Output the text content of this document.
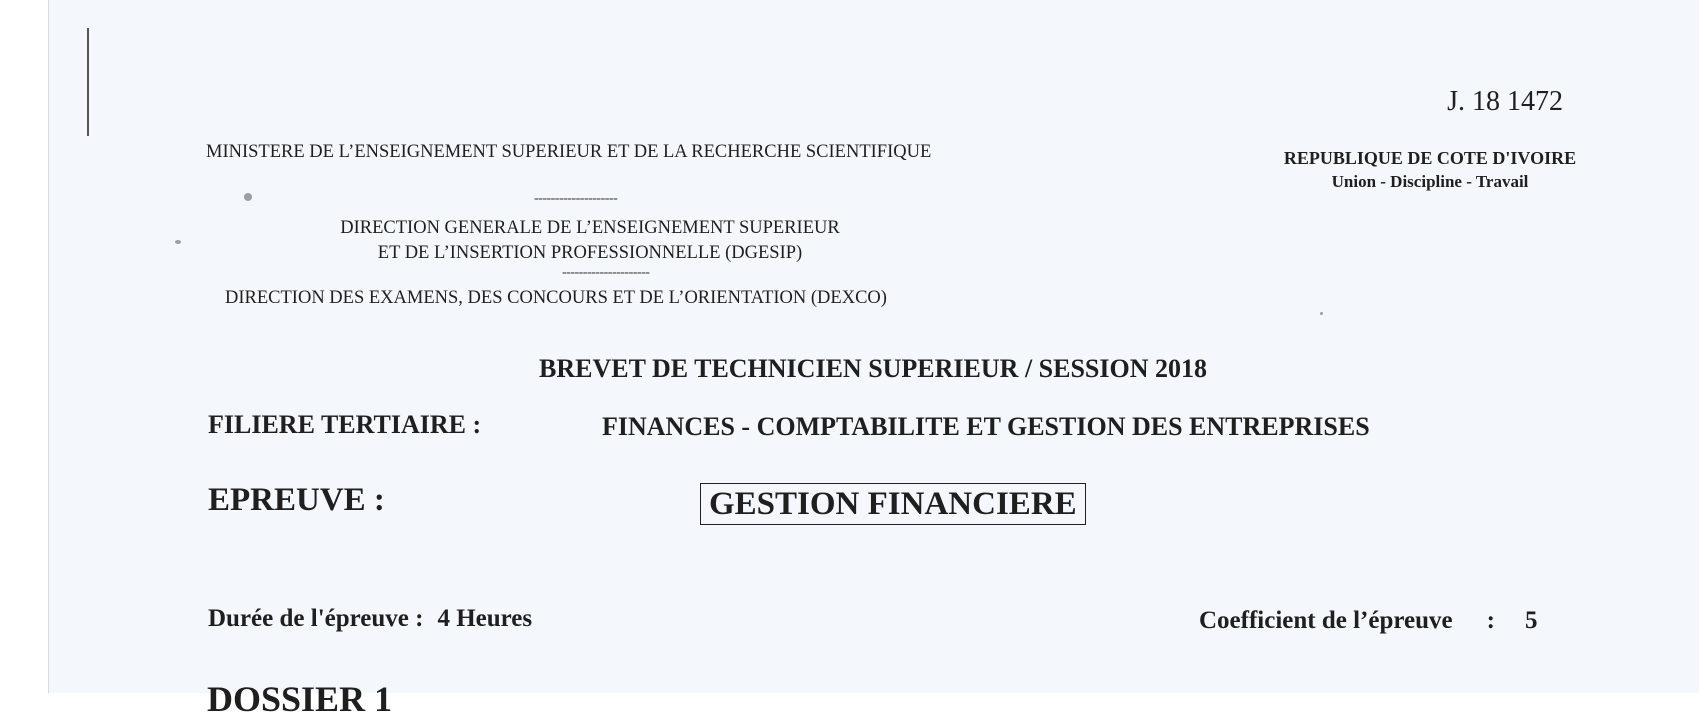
J. 18 1472
MINISTERE DE L’ENSEIGNEMENT SUPERIEUR ET DE LA RECHERCHE SCIENTIFIQUE	REPUBLIQUE DE COTE D'IVOIRE
Union - Discipline - Travail
--------------------
DIRECTION GENERALE DE L’ENSEIGNEMENT SUPERIEUR
ET DE L’INSERTION PROFESSIONNELLE (DGESIP)
---------------------
DIRECTION DES EXAMENS, DES CONCOURS ET DE L’ORIENTATION (DEXCO)
BREVET DE TECHNICIEN SUPERIEUR / SESSION 2018
FILIERE TERTIAIRE :	FINANCES - COMPTABILITE ET GESTION DES ENTREPRISES
EPREUVE :	GESTION FINANCIERE
Durée de l'épreuve : 4 Heures	Coefficient de l’épreuve : 5
DOSSIER 1
